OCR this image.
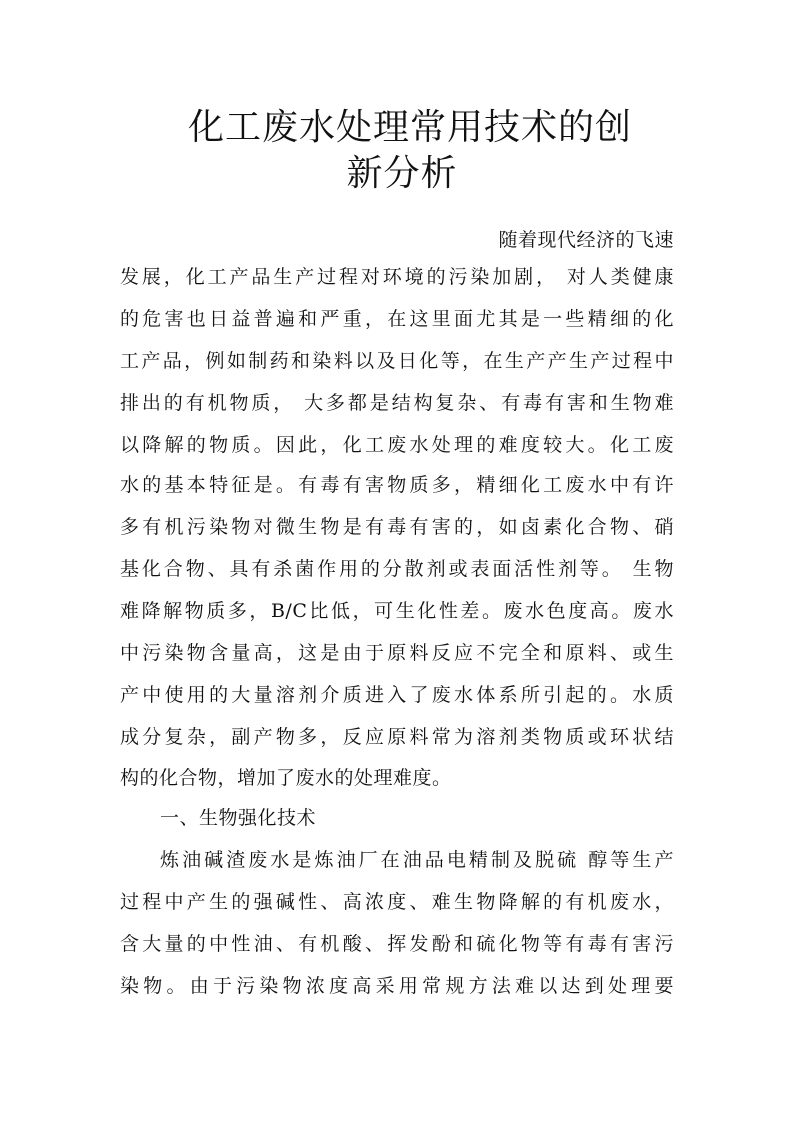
化工废水处理常用技术的创
新分析
随着现代经济的飞速
发展，化工产品生产过程对环境的污染加剧， 对人类健康
的危害也日益普遍和严重，在这里面尤其是一些精细的化
工产品，例如制药和染料以及日化等，在生产产生产过程中
排出的有机物质， 大多都是结构复杂、有毒有害和生物难
以降解的物质。因此，化工废水处理的难度较大。化工废
水的基本特征是。有毒有害物质多，精细化工废水中有许
多有机污染物对微生物是有毒有害的，如卤素化合物、硝
基化合物、具有杀菌作用的分散剂或表面活性剂等。 生物
难降解物质多，B/C比低，可生化性差。废水色度高。废水
中污染物含量高，这是由于原料反应不完全和原料、或生
产中使用的大量溶剂介质进入了废水体系所引起的。水质
成分复杂，副产物多，反应原料常为溶剂类物质或环状结
构的化合物，增加了废水的处理难度。
一、生物强化技术
炼油碱渣废水是炼油厂在油品电精制及脱硫 醇等生产
过程中产生的强碱性、高浓度、难生物降解的有机废水，
含大量的中性油、有机酸、挥发酚和硫化物等有毒有害污
染物。由于污染物浓度高采用常规方法难以达到处理要
